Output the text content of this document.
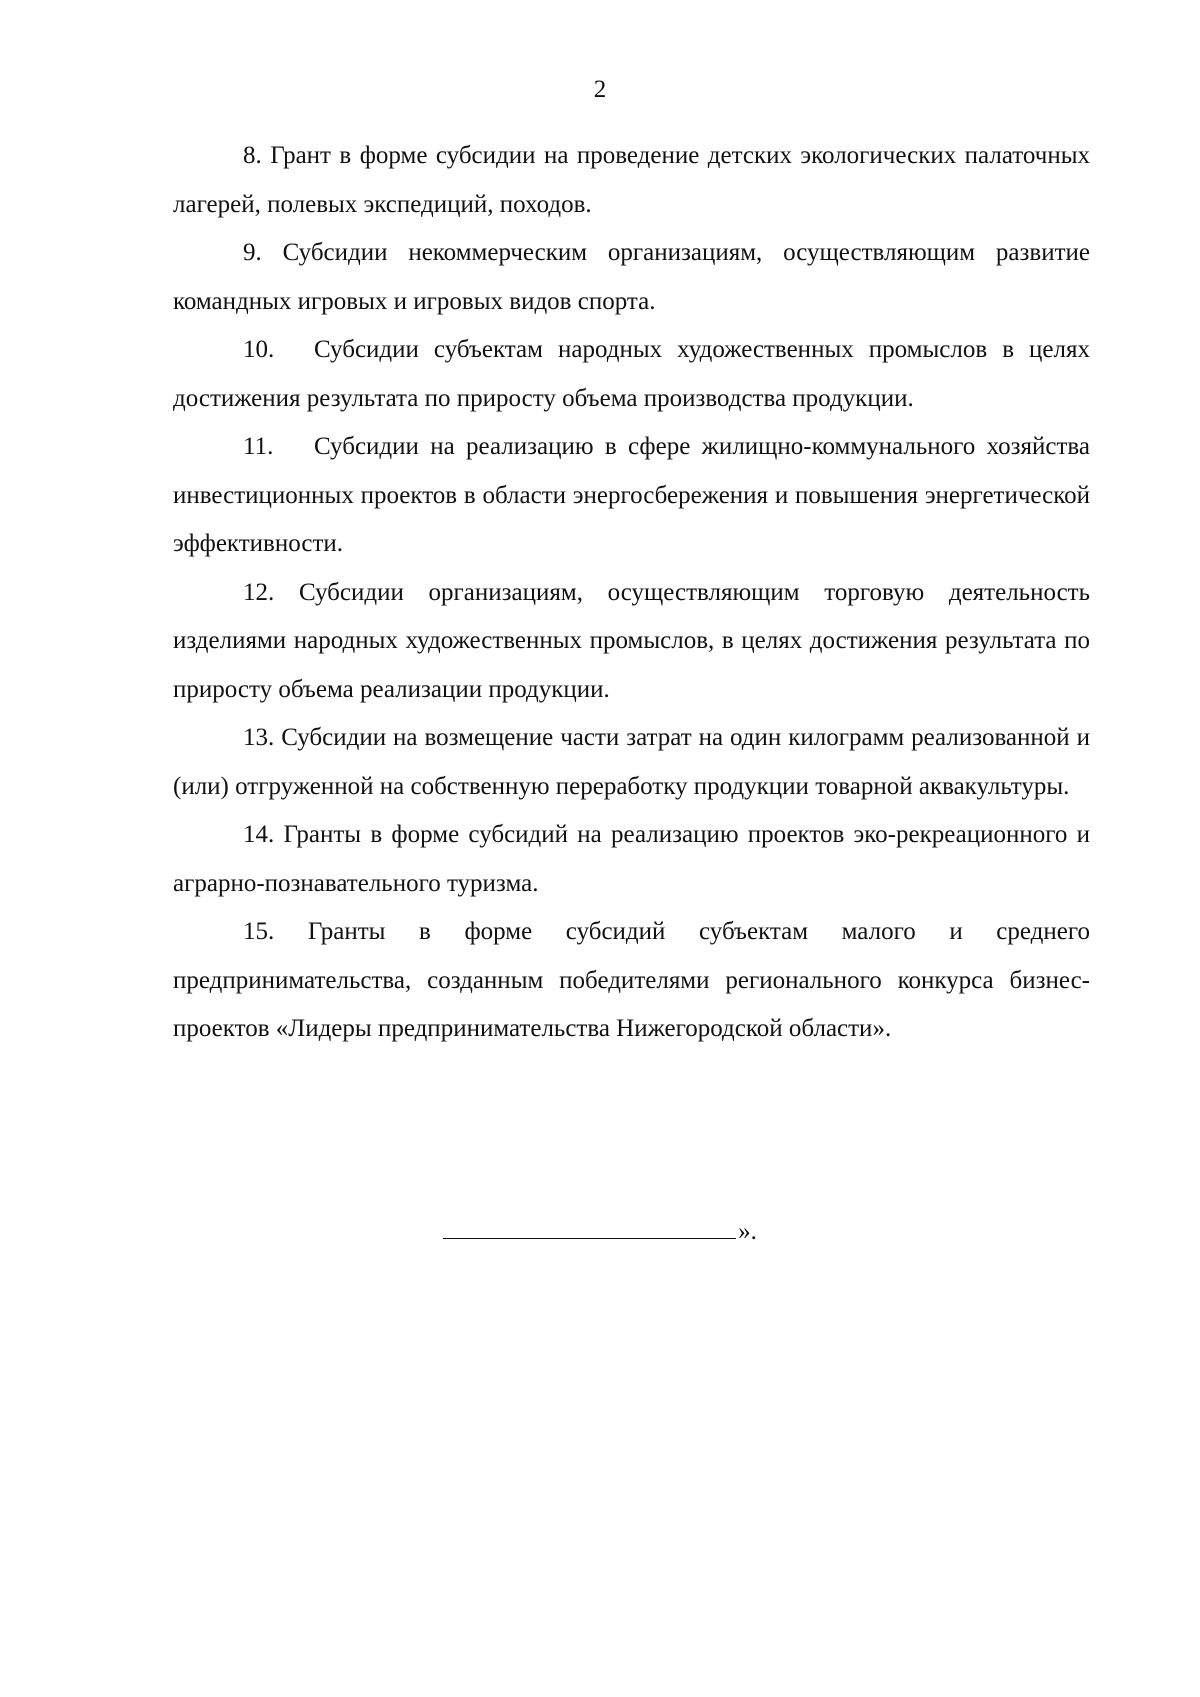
2

8. Грант в форме субсидии на проведение детских экологических палаточных лагерей, полевых экспедиций, походов.

9. Субсидии некоммерческим организациям, осуществляющим развитие командных игровых и игровых видов спорта.

10. Субсидии субъектам народных художественных промыслов в целях достижения результата по приросту объема производства продукции.

11. Субсидии на реализацию в сфере жилищно-коммунального хозяйства инвестиционных проектов в области энергосбережения и повышения энергетической эффективности.

12. Субсидии организациям, осуществляющим торговую деятельность изделиями народных художественных промыслов, в целях достижения результата по приросту объема реализации продукции.

13. Субсидии на возмещение части затрат на один килограмм реализованной и (или) отгруженной на собственную переработку продукции товарной аквакультуры.

14. Гранты в форме субсидий на реализацию проектов эко-рекреационного и аграрно-познавательного туризма.

15. Гранты в форме субсидий субъектам малого и среднего предпринимательства, созданным победителями регионального конкурса бизнес-проектов «Лидеры предпринимательства Нижегородской области».

».
